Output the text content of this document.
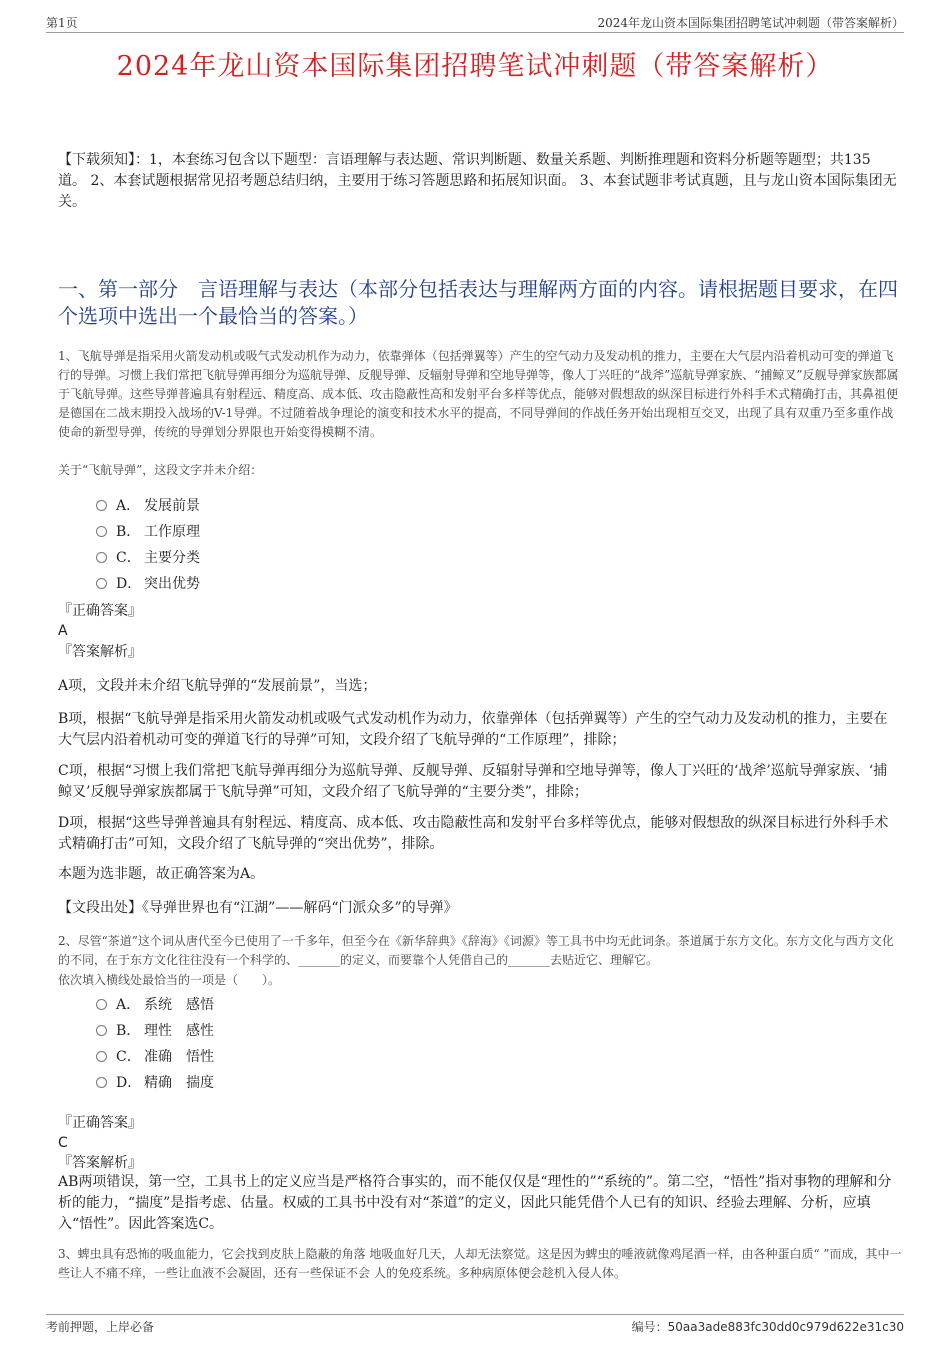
第1页	2024年龙山资本国际集团招聘笔试冲刺题（带答案解析）
2024年龙山资本国际集团招聘笔试冲刺题（带答案解析）
【下载须知】：1，本套练习包含以下题型：言语理解与表达题、常识判断题、数量关系题、判断推理题和资料分析题等题型；共135道。 2、本套试题根据常见招考题总结归纳，主要用于练习答题思路和拓展知识面。 3、本套试题非考试真题，且与龙山资本国际集团无关。
一、第一部分　言语理解与表达（本部分包括表达与理解两方面的内容。请根据题目要求，在四个选项中选出一个最恰当的答案。）
1、飞航导弹是指采用火箭发动机或吸气式发动机作为动力，依靠弹体（包括弹翼等）产生的空气动力及发动机的推力，主要在大气层内沿着机动可变的弹道飞行的导弹。习惯上我们常把飞航导弹再细分为巡航导弹、反舰导弹、反辐射导弹和空地导弹等，像人丁兴旺的“战斧”巡航导弹家族、“捕鲸叉”反舰导弹家族都属于飞航导弹。这些导弹普遍具有射程远、精度高、成本低、攻击隐蔽性高和发射平台多样等优点，能够对假想敌的纵深目标进行外科手术式精确打击，其鼻祖便是德国在二战末期投入战场的V-1导弹。不过随着战争理论的演变和技术水平的提高，不同导弹间的作战任务开始出现相互交叉，出现了具有双重乃至多重作战使命的新型导弹，传统的导弹划分界限也开始变得模糊不清。
关于“飞航导弹”，这段文字并未介绍：
A． 发展前景
B． 工作原理
C． 主要分类
D． 突出优势
『正确答案』
A
『答案解析』
A项，文段并未介绍飞航导弹的“发展前景”，当选；
B项，根据“飞航导弹是指采用火箭发动机或吸气式发动机作为动力，依靠弹体（包括弹翼等）产生的空气动力及发动机的推力，主要在大气层内沿着机动可变的弹道飞行的导弹”可知，文段介绍了飞航导弹的“工作原理”，排除；
C项，根据“习惯上我们常把飞航导弹再细分为巡航导弹、反舰导弹、反辐射导弹和空地导弹等，像人丁兴旺的‘战斧’巡航导弹家族、‘捕鲸叉’反舰导弹家族都属于飞航导弹”可知，文段介绍了飞航导弹的“主要分类”，排除；
D项，根据“这些导弹普遍具有射程远、精度高、成本低、攻击隐蔽性高和发射平台多样等优点，能够对假想敌的纵深目标进行外科手术式精确打击”可知，文段介绍了飞航导弹的“突出优势”，排除。
本题为选非题，故正确答案为A。
【文段出处】《导弹世界也有“江湖”——解码“门派众多”的导弹》
2、尽管“茶道”这个词从唐代至今已使用了一千多年，但至今在《新华辞典》《辞海》《词源》等工具书中均无此词条。茶道属于东方文化。东方文化与西方文化的不同，在于东方文化往往没有一个科学的、_______的定义，而要靠个人凭借自己的_______去贴近它、理解它。
依次填入横线处最恰当的一项是（　　）。
A． 系统　感悟
B． 理性　感性
C． 准确　悟性
D． 精确　揣度
『正确答案』
C
『答案解析』
AB两项错误，第一空，工具书上的定义应当是严格符合事实的，而不能仅仅是“理性的”“系统的”。第二空，“悟性”指对事物的理解和分析的能力，“揣度”是指考虑、估量。权威的工具书中没有对“茶道”的定义，因此只能凭借个人已有的知识、经验去理解、分析，应填入“悟性”。因此答案选C。
3、蜱虫具有恐怖的吸血能力，它会找到皮肤上隐蔽的角落 地吸血好几天，人却无法察觉。这是因为蜱虫的唾液就像鸡尾酒一样，由各种蛋白质“ ”而成，其中一些让人不痛不痒，一些让血液不会凝固，还有一些保证不会 人的免疫系统。多种病原体便会趁机入侵人体。
考前押题，上岸必备	编号：50aa3ade883fc30dd0c979d622e31c30
